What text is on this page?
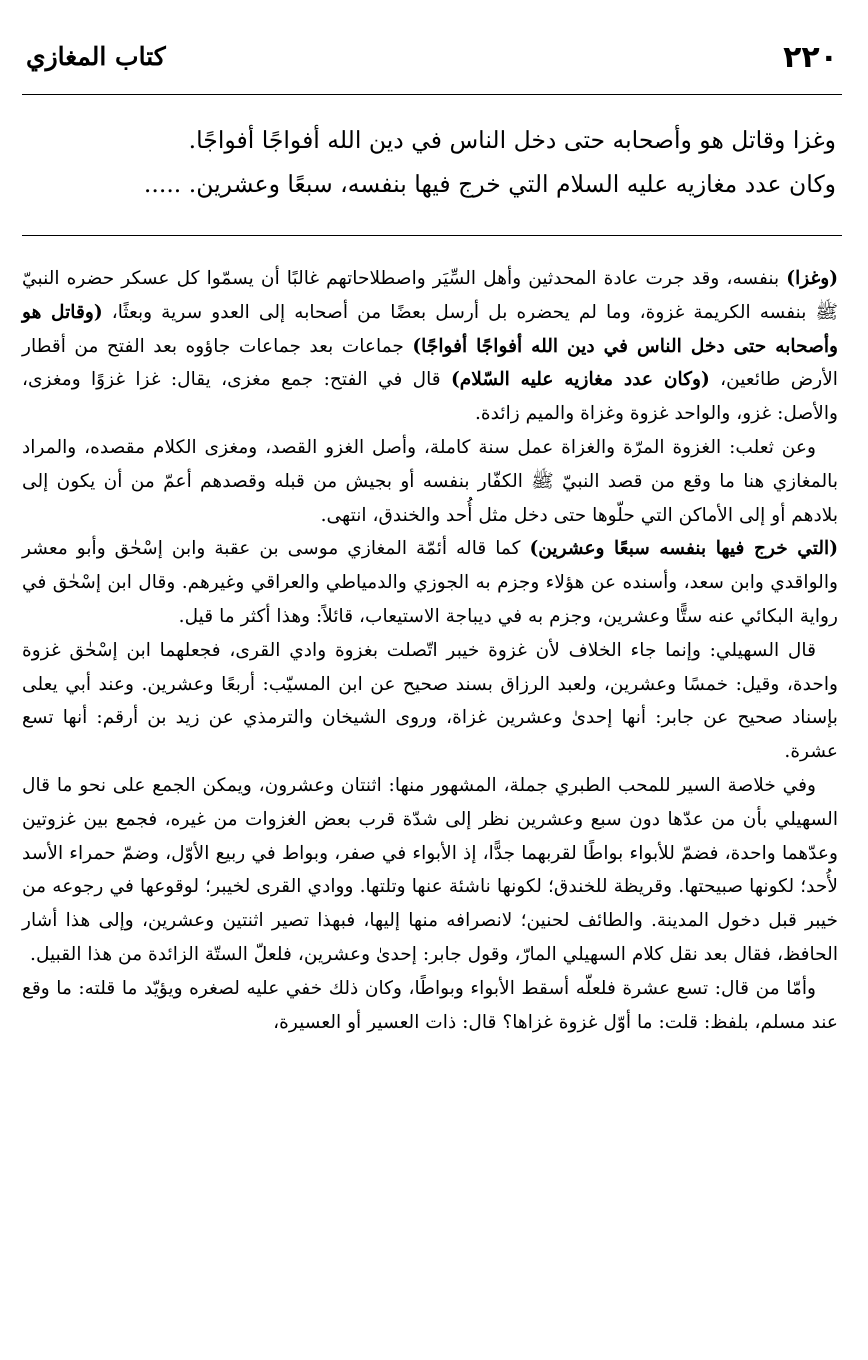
٢٢٠
كتاب المغازي

وغزا وقاتل هو وأصحابه حتى دخل الناس في دين الله أفواجًا أفواجًا.

وكان عدد مغازيه عليه السلام التي خرج فيها بنفسه، سبعًا وعشرين. .....

(وغزا) بنفسه، وقد جرت عادة المحدثين وأهل السِّيَر واصطلاحاتهم غالبًا أن يسمّوا كل عسكر حضره النبيّ ﷺ بنفسه الكريمة غزوة، وما لم يحضره بل أرسل بعضًا من أصحابه إلى العدو سرية وبعثًا، (وقاتل هو وأصحابه حتى دخل الناس في دين الله أفواجًا أفواجًا) جماعات بعد جماعات جاؤوه بعد الفتح من أقطار الأرض طائعين، (وكان عدد مغازيه عليه السّلام) قال في الفتح: جمع مغزى، يقال: غزا غزوًا ومغزى، والأصل: غزو، والواحد غزوة وغزاة والميم زائدة.

وعن ثعلب: الغزوة المرّة والغزاة عمل سنة كاملة، وأصل الغزو القصد، ومغزى الكلام مقصده، والمراد بالمغازي هنا ما وقع من قصد النبيّ ﷺ الكفّار بنفسه أو بجيش من قبله وقصدهم أعمّ من أن يكون إلى بلادهم أو إلى الأماكن التي حلّوها حتى دخل مثل أُحد والخندق، انتهى.

(التي خرج فيها بنفسه سبعًا وعشرين) كما قاله أئمّة المغازي موسى بن عقبة وابن إسْحٰق وأبو معشر والواقدي وابن سعد، وأسنده عن هؤلاء وجزم به الجوزي والدمياطي والعراقي وغيرهم. وقال ابن إسْحٰق في رواية البكائي عنه ستًّا وعشرين، وجزم به في ديباجة الاستيعاب، قائلاً: وهذا أكثر ما قيل.

قال السهيلي: وإنما جاء الخلاف لأن غزوة خيبر اتّصلت بغزوة وادي القرى، فجعلهما ابن إسْحٰق غزوة واحدة، وقيل: خمسًا وعشرين، ولعبد الرزاق بسند صحيح عن ابن المسيّب: أربعًا وعشرين. وعند أبي يعلى بإسناد صحيح عن جابر: أنها إحدىٰ وعشرين غزاة، وروى الشيخان والترمذي عن زيد بن أرقم: أنها تسع عشرة.

وفي خلاصة السير للمحب الطبري جملة، المشهور منها: اثنتان وعشرون، ويمكن الجمع على نحو ما قال السهيلي بأن من عدّها دون سبع وعشرين نظر إلى شدّة قرب بعض الغزوات من غيره، فجمع بين غزوتين وعدّهما واحدة، فضمّ للأبواء بواطًا لقربهما جدًّا، إذ الأبواء في صفر، وبواط في ربيع الأوّل، وضمّ حمراء الأسد لأُحد؛ لكونها صبيحتها. وقريظة للخندق؛ لكونها ناشئة عنها وتلتها. ووادي القرى لخيبر؛ لوقوعها في رجوعه من خيبر قبل دخول المدينة. والطائف لحنين؛ لانصرافه منها إليها، فبهذا تصير اثنتين وعشرين، وإلى هذا أشار الحافظ، فقال بعد نقل كلام السهيلي المارّ، وقول جابر: إحدىٰ وعشرين، فلعلّ الستّة الزائدة من هذا القبيل.

وأمّا من قال: تسع عشرة فلعلّه أسقط الأبواء وبواطًا، وكان ذلك خفي عليه لصغره ويؤيّد ما قلته: ما وقع عند مسلم، بلفظ: قلت: ما أوّل غزوة غزاها؟ قال: ذات العسير أو العسيرة،
